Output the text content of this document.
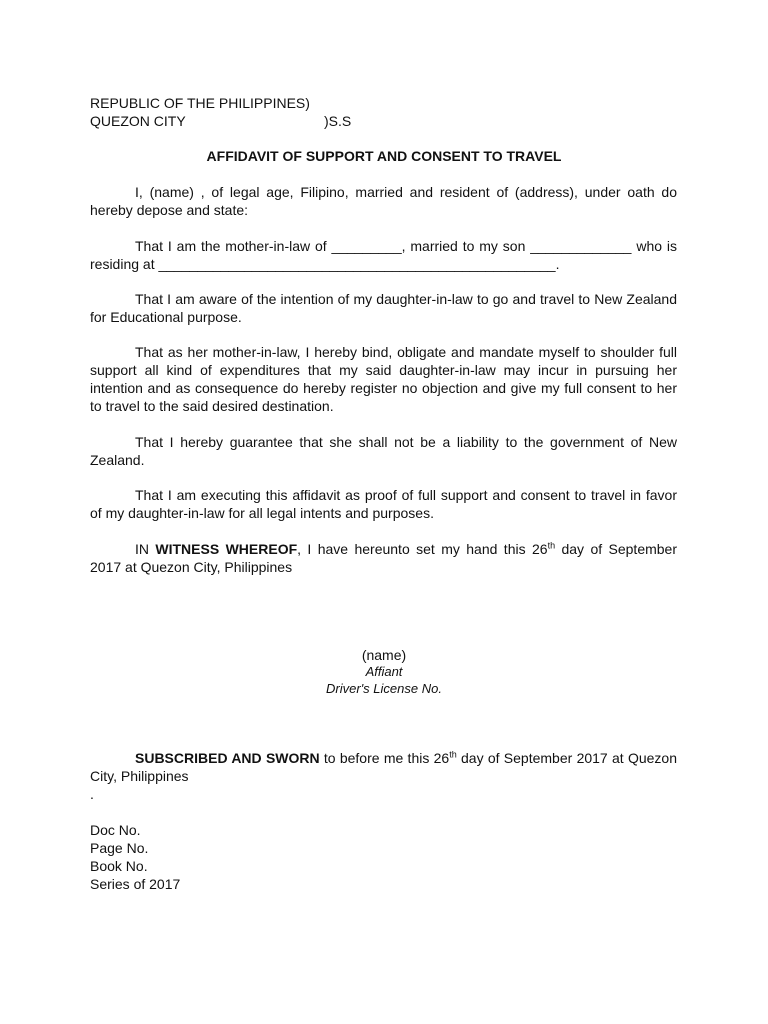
REPUBLIC OF THE PHILIPPINES)
QUEZON CITY	)S.S
AFFIDAVIT OF SUPPORT AND CONSENT TO TRAVEL
I, (name) , of legal age, Filipino, married and resident of (address), under oath do hereby depose and state:
That I am the mother-in-law of _________, married to my son _____________ who is residing at ___________________________________________________.
That I am aware of the intention of my daughter-in-law to go and travel to New Zealand for Educational purpose.
That as her mother-in-law, I hereby bind, obligate and mandate myself to shoulder full support all kind of expenditures that my said daughter-in-law may incur in pursuing her intention and as consequence do hereby register no objection and give my full consent to her to travel to the said desired destination.
That I hereby guarantee that she shall not be a liability to the government of New Zealand.
That I am executing this affidavit as proof of full support and consent to travel in favor of my daughter-in-law for all legal intents and purposes.
IN WITNESS WHEREOF, I have hereunto set my hand this 26th day of September 2017 at Quezon City, Philippines
(name)
Affiant
Driver's License No.
SUBSCRIBED AND SWORN to before me this 26th day of September 2017 at Quezon City, Philippines
.
Doc No.
Page No.
Book No.
Series of 2017
